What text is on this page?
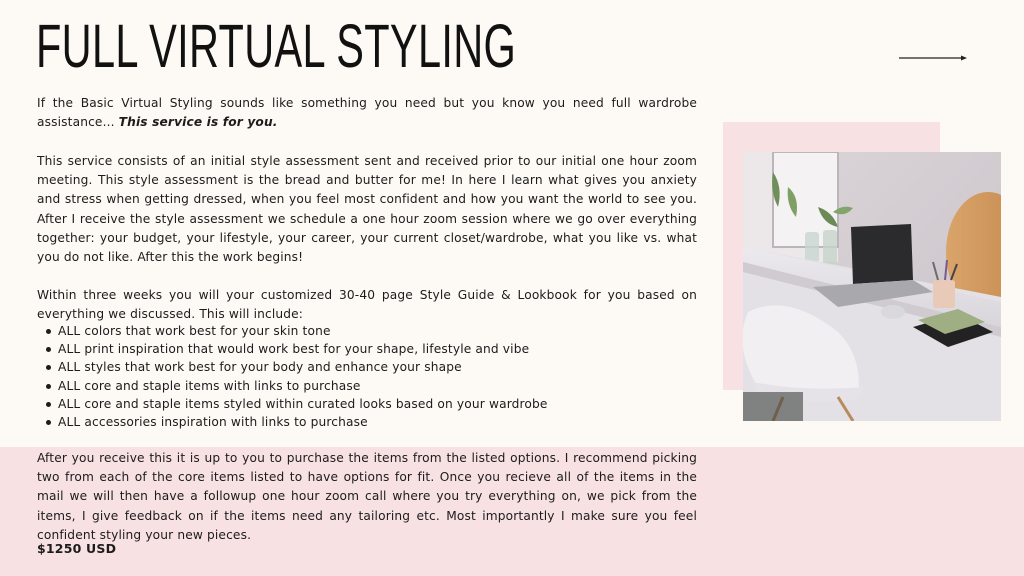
FULL VIRTUAL STYLING

If the Basic Virtual Styling sounds like something you need but you know you need full wardrobe assistance... This service is for you.

This service consists of an initial style assessment sent and received prior to our initial one hour zoom meeting. This style assessment is the bread and butter for me! In here I learn what gives you anxiety and stress when getting dressed, when you feel most confident and how you want the world to see you. After I receive the style assessment we schedule a one hour zoom session where we go over everything together: your budget, your lifestyle, your career, your current closet/wardrobe, what you like vs. what you do not like. After this the work begins!

Within three weeks you will your customized 30-40 page Style Guide & Lookbook for you based on everything we discussed. This will include:

ALL colors that work best for your skin tone
ALL print inspiration that would work best for your shape, lifestyle and vibe
ALL styles that work best for your body and enhance your shape
ALL core and staple items with links to purchase
ALL core and staple items styled within curated looks based on your wardrobe
ALL accessories inspiration with links to purchase

After you receive this it is up to you to purchase the items from the listed options. I recommend picking two from each of the core items listed to have options for fit. Once you recieve all of the items in the mail we will then have a followup one hour zoom call where you try everything on, we pick from the items, I give feedback on if the items need any tailoring etc. Most importantly I make sure you feel confident styling your new pieces.

$1250 USD
